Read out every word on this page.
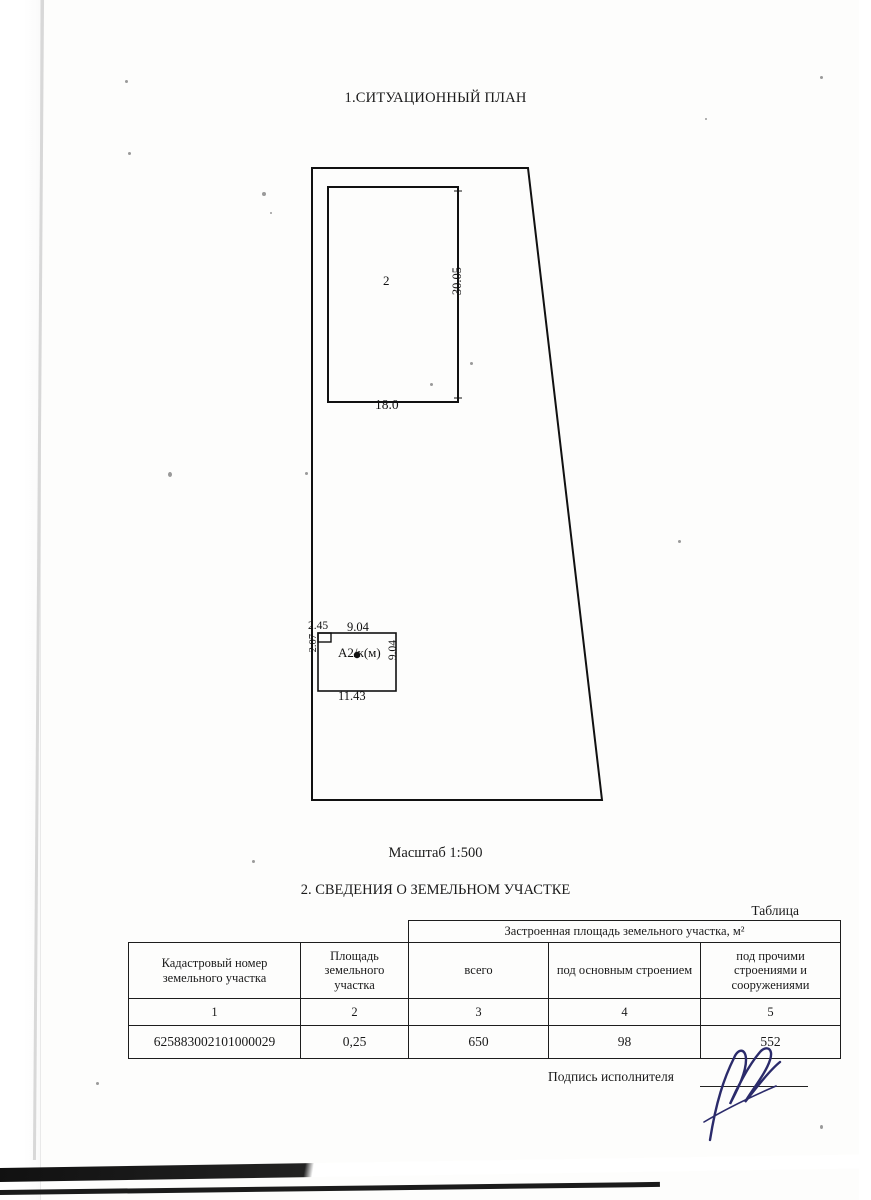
1.СИТУАЦИОННЫЙ ПЛАН
2
18.0
30.05
А2/к(м)
2.45 9.04
11.43
9.04
2.07
Масштаб 1:500
2. СВЕДЕНИЯ О ЗЕМЕЛЬНОМ УЧАСТКЕ
Таблица
		Застроенная площадь земельного участка, м²		
Кадастровый номер земельного участка	Площадь земельного участка	всего	под основным строением	под прочими строениями и сооружениями
1	2	3	4	5
625883002101000029	0,25	650	98	552
Подпись исполнителя
